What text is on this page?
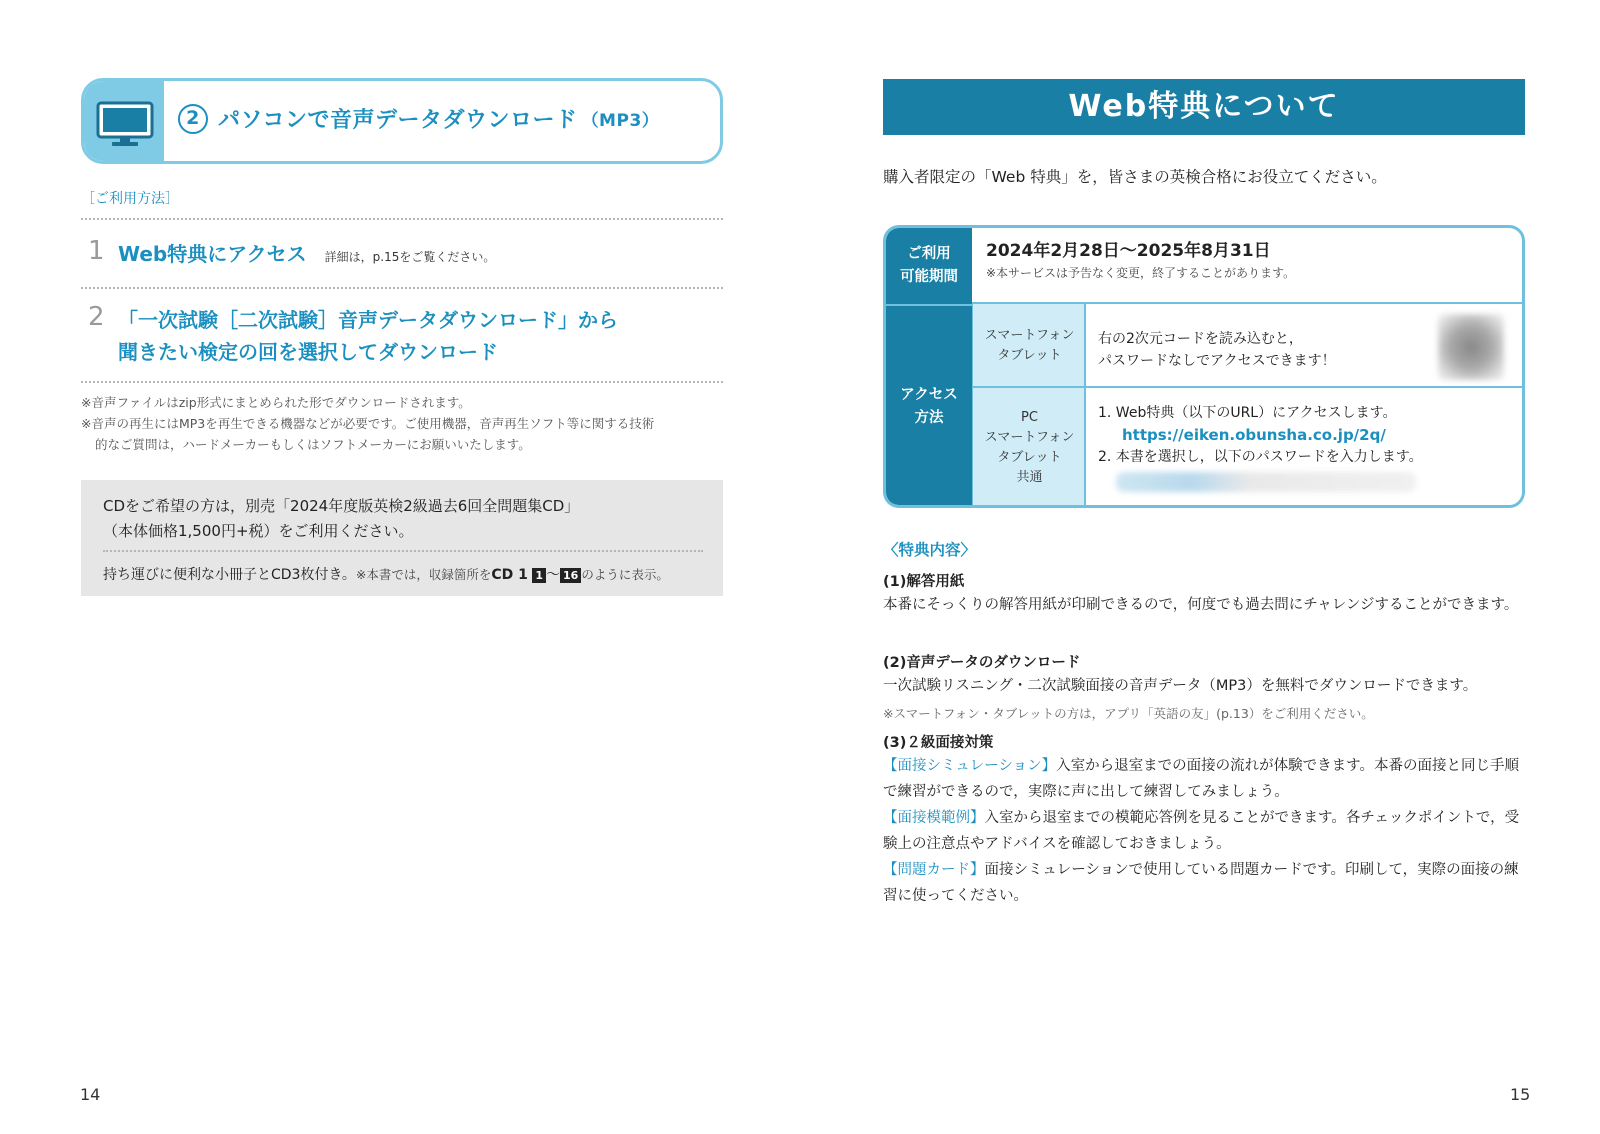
2 パソコンで音声データダウンロード （MP3）
［ご利用方法］
1 Web特典にアクセス 詳細は，p.15をご覧ください。
2 「一次試験［二次試験］音声データダウンロード」から
聞きたい検定の回を選択してダウンロード
※音声ファイルはzip形式にまとめられた形でダウンロードされます。
※音声の再生にはMP3を再生できる機器などが必要です。ご使用機器，音声再生ソフト等に関する技術
的なご質問は，ハードメーカーもしくはソフトメーカーにお願いいたします。
CDをご希望の方は，別売「2024年度版英検2級過去6回全問題集CD」
（本体価格1,500円+税）をご利用ください。
持ち運びに便利な小冊子とCD3枚付き。※本書では，収録箇所をCD 1 1 〜 16 のように表示。
14
Web特典について
購入者限定の「Web 特典」を，皆さまの英検合格にお役立てください。
ご利用
可能期間
2024年2月28日〜2025年8月31日
※本サービスは予告なく変更，終了することがあります。
アクセス
方法
スマートフォン
タブレット
右の2次元コードを読み込むと，
パスワードなしでアクセスできます！
PC
スマートフォン
タブレット
共通
1. Web特典（以下のURL）にアクセスします。
https://eiken.obunsha.co.jp/2q/
2. 本書を選択し，以下のパスワードを入力します。
〈特典内容〉
(1)解答用紙
本番にそっくりの解答用紙が印刷できるので，何度でも過去問にチャレンジすることができます。
(2)音声データのダウンロード
一次試験リスニング・二次試験面接の音声データ（MP3）を無料でダウンロードできます。
※スマートフォン・タブレットの方は，アプリ「英語の友」(p.13）をご利用ください。
(3)２級面接対策
【面接シミュレーション】入室から退室までの面接の流れが体験できます。本番の面接と同じ手順で練習ができるので，実際に声に出して練習してみましょう。
【面接模範例】入室から退室までの模範応答例を見ることができます。各チェックポイントで，受験上の注意点やアドバイスを確認しておきましょう。
【問題カード】面接シミュレーションで使用している問題カードです。印刷して，実際の面接の練習に使ってください。
15
